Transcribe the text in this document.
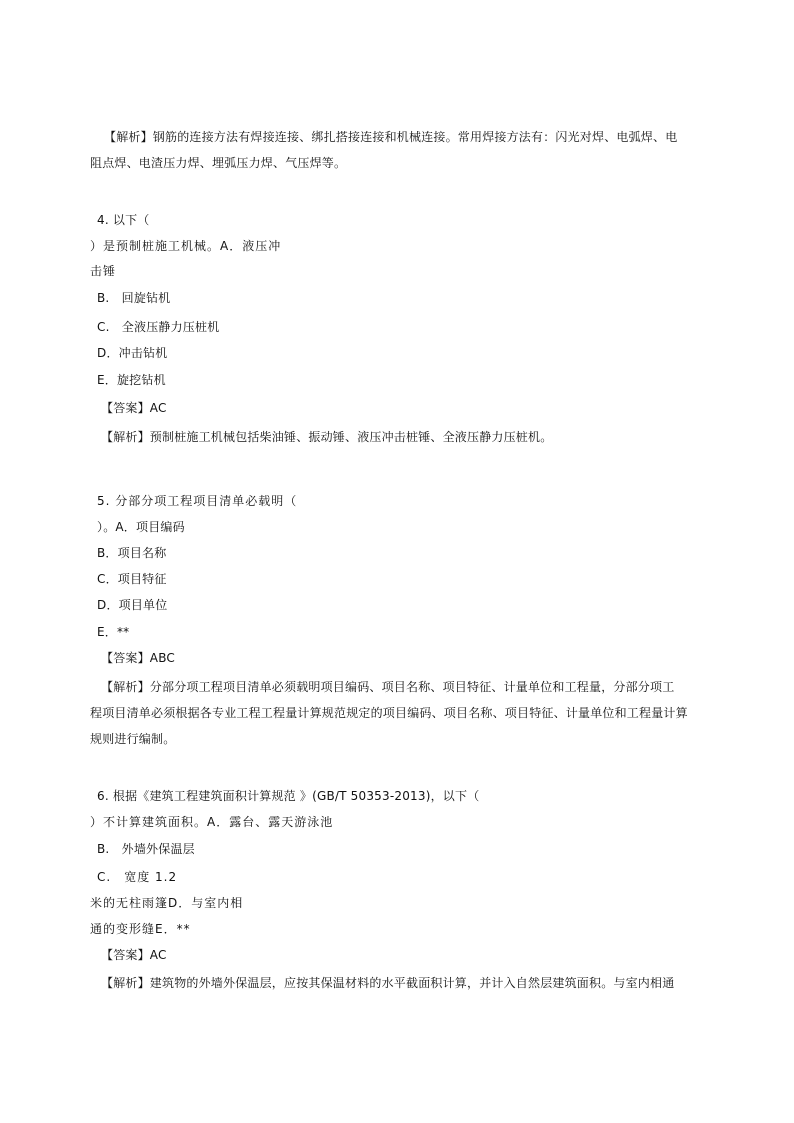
【解析】钢筋的连接方法有焊接连接、绑扎搭接连接和机械连接。常用焊接方法有：闪光对焊、电弧焊、电
阻点焊、电渣压力焊、埋弧压力焊、气压焊等。
4. 以下（
）是预制桩施工机械。A．液压冲
击锤
B.　回旋钻机
C.　全液压静力压桩机
D．冲击钻机
E．旋挖钻机
【答案】AC
【解析】预制桩施工机械包括柴油锤、振动锤、液压冲击桩锤、全液压静力压桩机。
5. 分部分项工程项目清单必载明（
）。A．项目编码
B．项目名称
C．项目特征
D．项目单位
E．**
【答案】ABC
【解析】分部分项工程项目清单必须载明项目编码、项目名称、项目特征、计量单位和工程量，分部分项工
程项目清单必须根据各专业工程工程量计算规范规定的项目编码、项目名称、项目特征、计量单位和工程量计算
规则进行编制。
6. 根据《建筑工程建筑面积计算规范 》(GB/T 50353-2013)，以下（
）不计算建筑面积。A．露台、露天游泳池
B.　外墙外保温层
C.　宽度 1.2
米的无柱雨篷D．与室内相
通的变形缝E．**
【答案】AC
【解析】建筑物的外墙外保温层，应按其保温材料的水平截面积计算，并计入自然层建筑面积。与室内相通
